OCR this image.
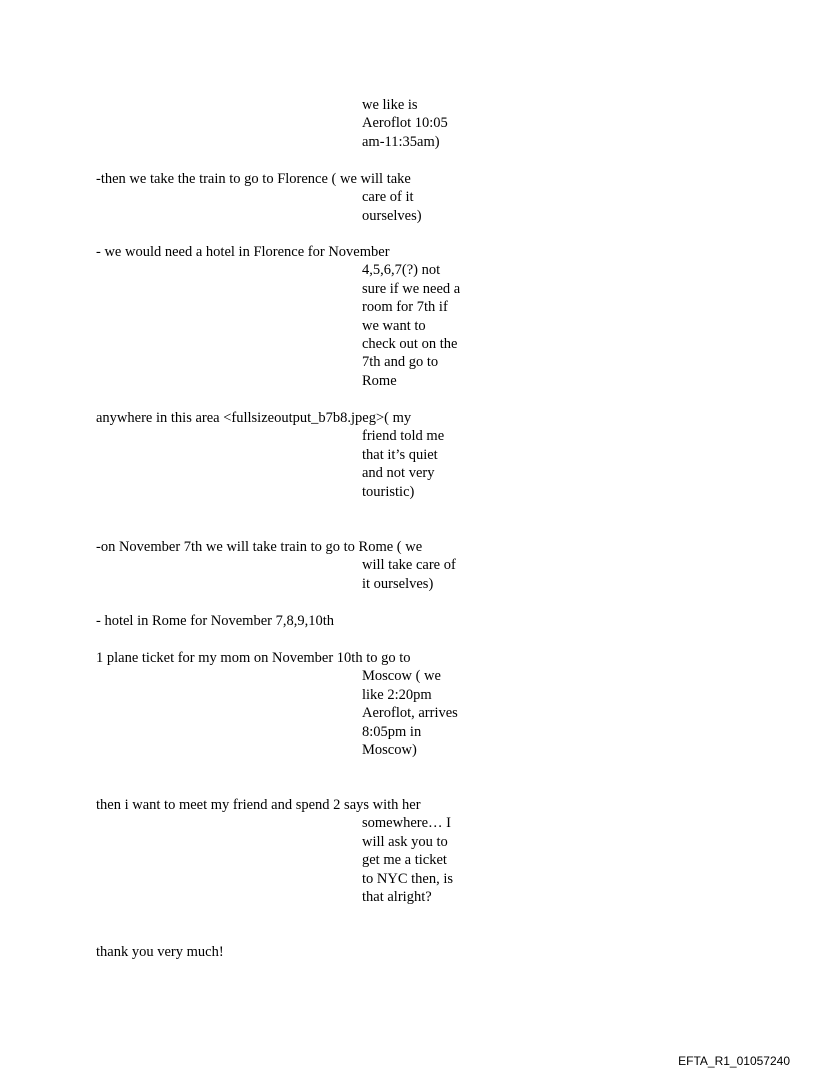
we like is
Aeroflot 10:05
am-11:35am)
-then we take the train to go to Florence ( we will take
care of it
ourselves)
- we would need a hotel in Florence for November
4,5,6,7(?) not
sure if we need a
room for 7th if
we want to
check out on the
7th and go to
Rome
anywhere in this area <fullsizeoutput_b7b8.jpeg>( my
friend told me
that it’s quiet
and not very
touristic)
-on November 7th we will take train to go to Rome ( we
will take care of
it ourselves)
- hotel in Rome for November 7,8,9,10th
1 plane ticket for my mom on November 10th to go to
Moscow ( we
like 2:20pm
Aeroflot, arrives
8:05pm in
Moscow)
then i want to meet my friend and spend 2 says with her
somewhere… I
will ask you to
get me a ticket
to NYC then, is
that alright?
thank you very much!
EFTA_R1_01057240
